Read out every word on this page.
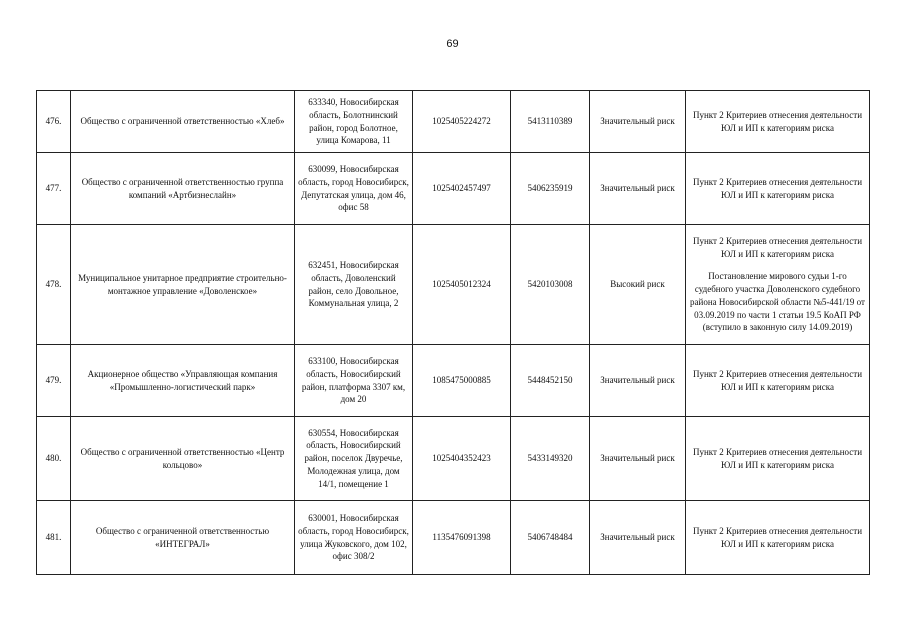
69
476.	Общество с ограниченной ответственностью «Хлеб»	633340, Новосибирская область, Болотнинский район, город Болотное, улица Комарова, 11	1025405224272	5413110389	Значительный риск	Пункт 2 Критериев отнесения деятельности ЮЛ и ИП к категориям риска

477.	Общество с ограниченной ответственностью группа компаний «Артбизнеслайн»	630099, Новосибирская область, город Новосибирск, Депутатская улица, дом 46, офис 58	1025402457497	5406235919	Значительный риск	Пункт 2 Критериев отнесения деятельности ЮЛ и ИП к категориям риска

478.	Муниципальное унитарное предприятие строительно-монтажное управление «Доволенское»	632451, Новосибирская область, Доволенский район, село Довольное, Коммунальная улица, 2	1025405012324	5420103008	Высокий риск	Пункт 2 Критериев отнесения деятельности ЮЛ и ИП к категориям риска
Постановление мирового судьи 1-го судебного участка Доволенского судебного района Новосибирской области №5-441/19 от 03.09.2019 по части 1 статьи 19.5 КоАП РФ (вступило в законную силу 14.09.2019)

479.	Акционерное общество «Управляющая компания «Промышленно-логистический парк»	633100, Новосибирская область, Новосибирский район, платформа 3307 км, дом 20	1085475000885	5448452150	Значительный риск	Пункт 2 Критериев отнесения деятельности ЮЛ и ИП к категориям риска

480.	Общество с ограниченной ответственностью «Центр кольцово»	630554, Новосибирская область, Новосибирский район, поселок Двуречье, Молодежная улица, дом 14/1, помещение 1	1025404352423	5433149320	Значительный риск	Пункт 2 Критериев отнесения деятельности ЮЛ и ИП к категориям риска

481.	Общество с ограниченной ответственностью «ИНТЕГРАЛ»	630001, Новосибирская область, город Новосибирск, улица Жуковского, дом 102, офис 308/2	1135476091398	5406748484	Значительный риск	Пункт 2 Критериев отнесения деятельности ЮЛ и ИП к категориям риска
